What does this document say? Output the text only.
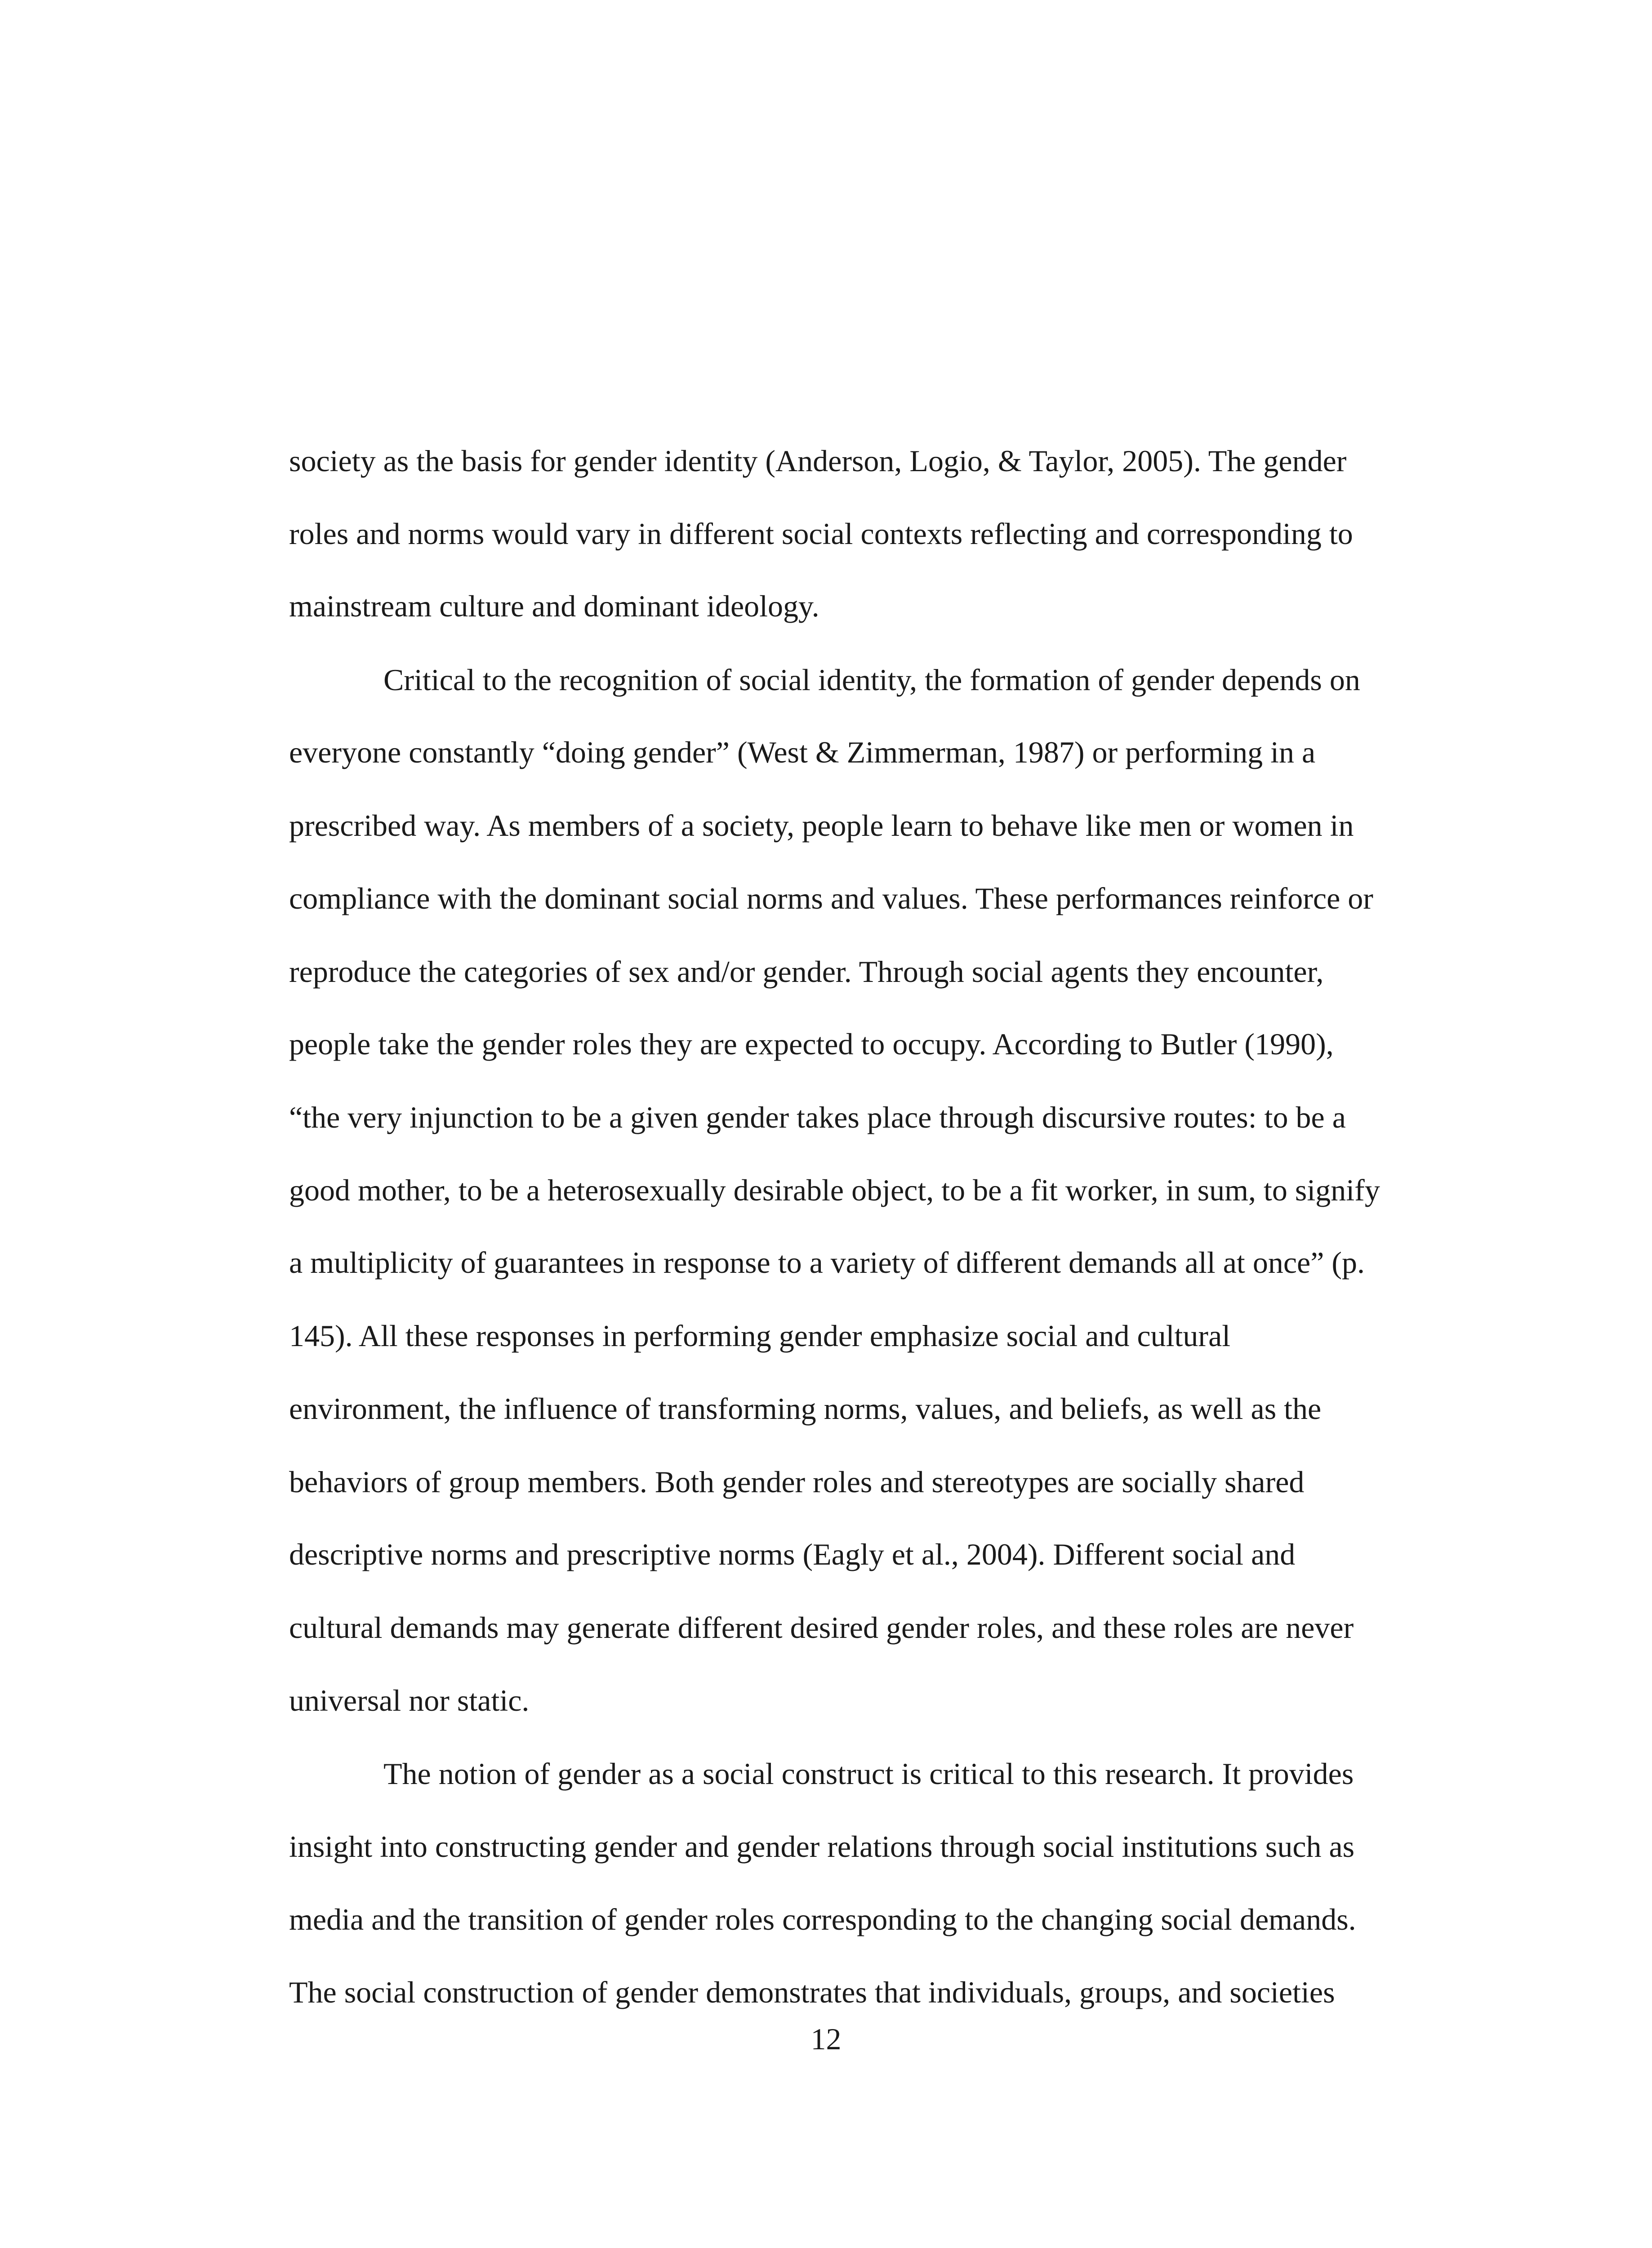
society as the basis for gender identity (Anderson, Logio, & Taylor, 2005). The gender

roles and norms would vary in different social contexts reflecting and corresponding to

mainstream culture and dominant ideology.

Critical to the recognition of social identity, the formation of gender depends on

everyone constantly “doing gender” (West & Zimmerman, 1987) or performing in a

prescribed way. As members of a society, people learn to behave like men or women in

compliance with the dominant social norms and values. These performances reinforce or

reproduce the categories of sex and/or gender. Through social agents they encounter,

people take the gender roles they are expected to occupy. According to Butler (1990),

“the very injunction to be a given gender takes place through discursive routes: to be a

good mother, to be a heterosexually desirable object, to be a fit worker, in sum, to signify

a multiplicity of guarantees in response to a variety of different demands all at once” (p.

145). All these responses in performing gender emphasize social and cultural

environment, the influence of transforming norms, values, and beliefs, as well as the

behaviors of group members. Both gender roles and stereotypes are socially shared

descriptive norms and prescriptive norms (Eagly et al., 2004). Different social and

cultural demands may generate different desired gender roles, and these roles are never

universal nor static.

The notion of gender as a social construct is critical to this research. It provides

insight into constructing gender and gender relations through social institutions such as

media and the transition of gender roles corresponding to the changing social demands.

The social construction of gender demonstrates that individuals, groups, and societies

12
